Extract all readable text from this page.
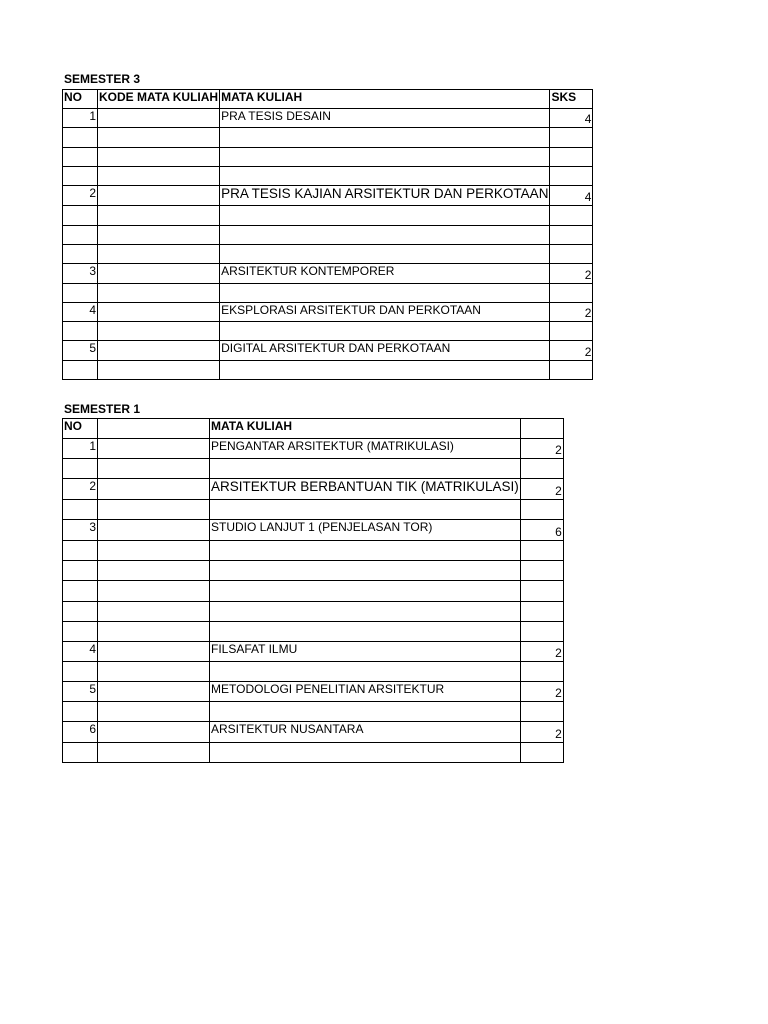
SEMESTER 3
NO	KODE MATA KULIAH	MATA KULIAH	SKS
1		PRA TESIS DESAIN	4

2		PRA TESIS KAJIAN ARSITEKTUR DAN PERKOTAAN	4

3		ARSITEKTUR KONTEMPORER	2

4		EKSPLORASI ARSITEKTUR DAN PERKOTAAN	2

5		DIGITAL ARSITEKTUR DAN PERKOTAAN	2

SEMESTER 1
NO		MATA KULIAH	
1		PENGANTAR ARSITEKTUR (MATRIKULASI)	2

2		ARSITEKTUR BERBANTUAN TIK (MATRIKULASI)	2

3		STUDIO LANJUT 1 (PENJELASAN TOR)	6

4		FILSAFAT ILMU	2

5		METODOLOGI PENELITIAN ARSITEKTUR	2

6		ARSITEKTUR NUSANTARA	2
